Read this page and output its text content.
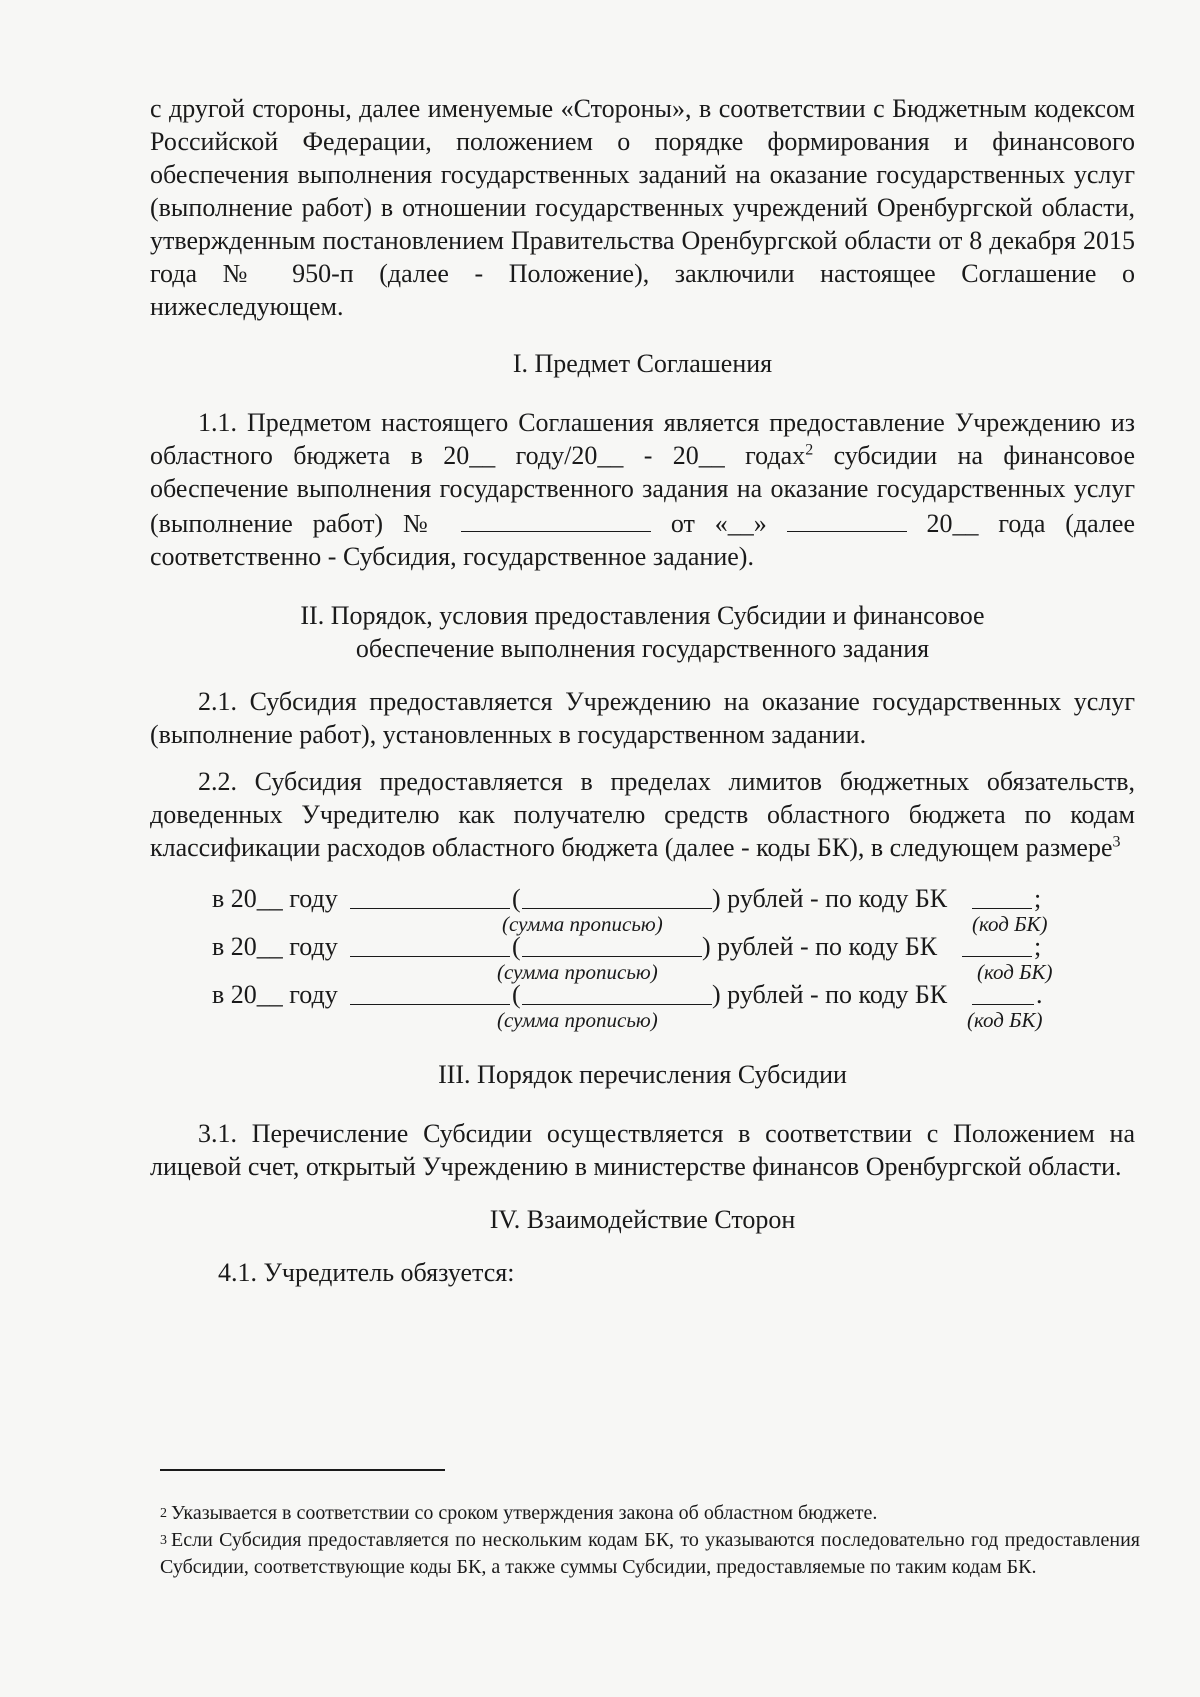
с другой стороны, далее именуемые «Стороны», в соответствии с Бюджетным кодексом Российской Федерации, положением о порядке формирования и финансового обеспечения выполнения государственных заданий на оказание государственных услуг (выполнение работ) в отношении государственных учреждений Оренбургской области, утвержденным постановлением Правительства Оренбургской области от 8 декабря 2015 года № 950-п (далее - Положение), заключили настоящее Соглашение о нижеследующем.

I. Предмет Соглашения

1.1. Предметом настоящего Соглашения является предоставление Учреждению из областного бюджета в 20__ году/20__ - 20__ годах$^2$ субсидии на финансовое обеспечение выполнения государственного задания на оказание государственных услуг (выполнение работ) №	от «__»	20__ года (далее соответственно - Субсидия, государственное задание).

II. Порядок, условия предоставления Субсидии и финансовое
обеспечение выполнения государственного задания

2.1. Субсидия предоставляется Учреждению на оказание государственных услуг (выполнение работ), установленных в государственном задании.

2.2. Субсидия предоставляется в пределах лимитов бюджетных обязательств, доведенных Учредителю как получателю средств областного бюджета по кодам классификации расходов областного бюджета (далее - коды БК), в следующем размере$^3$

в 20__ году	(	) рублей - по коду БК	;
(сумма прописью)	(код БК)
в 20__ году	(	) рублей - по коду БК	;
(сумма прописью)	(код БК)
в 20__ году	(	) рублей - по коду БК	.
(сумма прописью)	(код БК)

III. Порядок перечисления Субсидии

3.1. Перечисление Субсидии осуществляется в соответствии с Положением на лицевой счет, открытый Учреждению в министерстве финансов Оренбургской области.

IV. Взаимодействие Сторон

4.1. Учредитель обязуется:

$^2$ Указывается в соответствии со сроком утверждения закона об областном бюджете.

$^3$ Если Субсидия предоставляется по нескольким кодам БК, то указываются последовательно год предоставления Субсидии, соответствующие коды БК, а также суммы Субсидии, предоставляемые по таким кодам БК.
